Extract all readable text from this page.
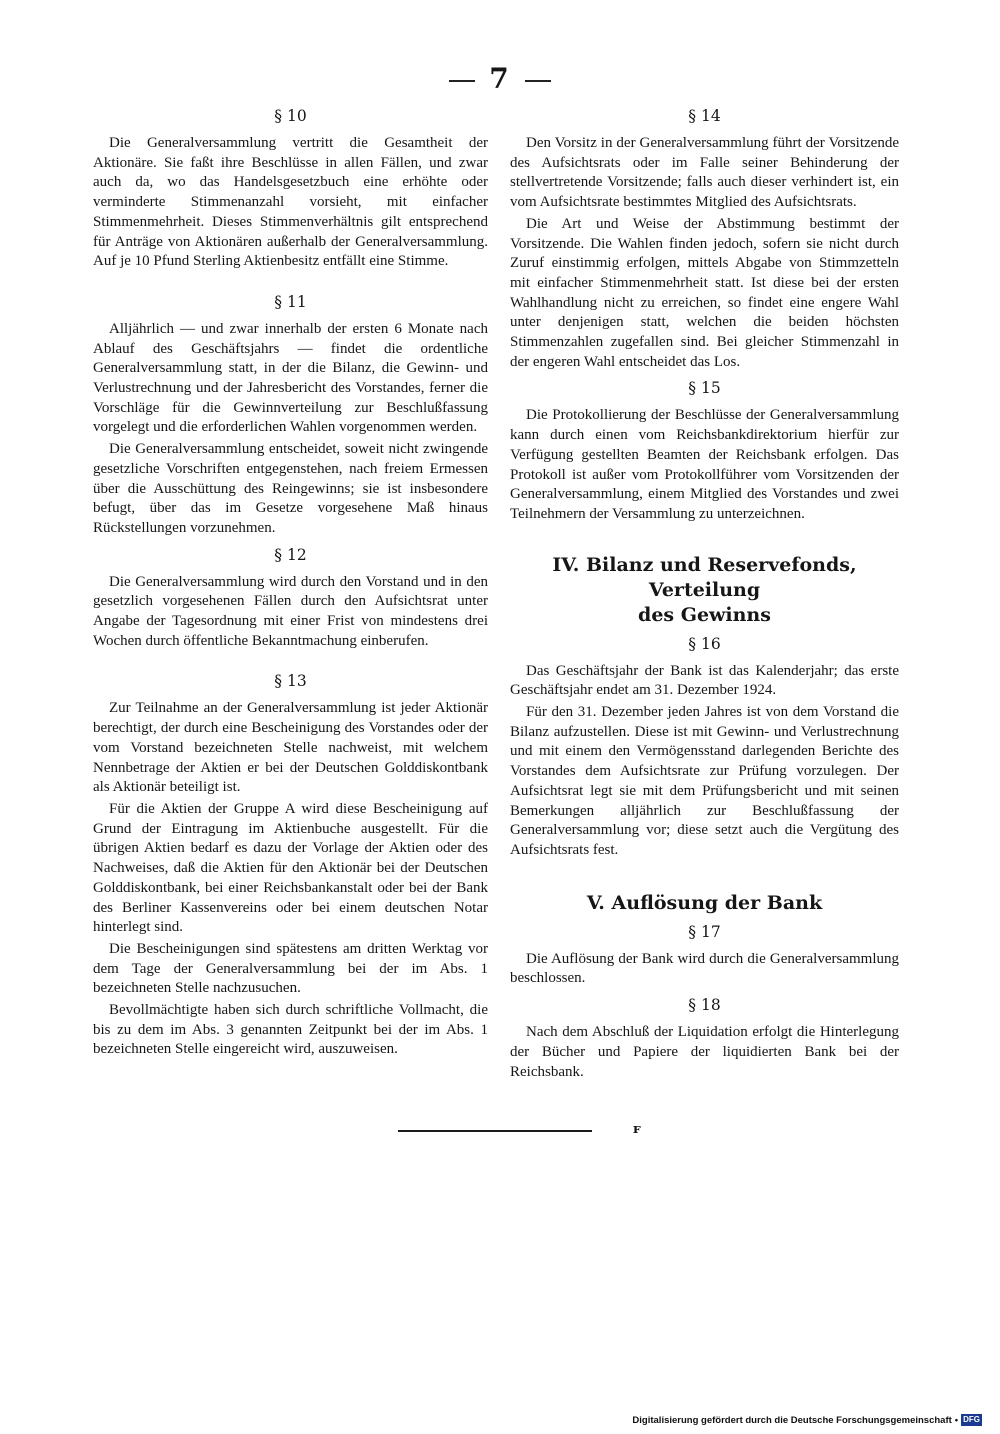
7
§ 10

Die Generalversammlung vertritt die Gesamtheit der Aktionäre. Sie faßt ihre Beschlüsse in allen Fällen, und zwar auch da, wo das Handelsgesetzbuch eine erhöhte oder verminderte Stimmenanzahl vorsieht, mit einfacher Stimmenmehrheit. Dieses Stimmenverhältnis gilt entsprechend für Anträge von Aktionären außerhalb der Generalversammlung. Auf je 10 Pfund Sterling Aktienbesitz entfällt eine Stimme.

§ 11

Alljährlich — und zwar innerhalb der ersten 6 Monate nach Ablauf des Geschäftsjahrs — findet die ordentliche Generalversammlung statt, in der die Bilanz, die Gewinn- und Verlustrechnung und der Jahresbericht des Vorstandes, ferner die Vorschläge für die Gewinnverteilung zur Beschlußfassung vorgelegt und die erforderlichen Wahlen vorgenommen werden.

Die Generalversammlung entscheidet, soweit nicht zwingende gesetzliche Vorschriften entgegenstehen, nach freiem Ermessen über die Ausschüttung des Reingewinns; sie ist insbesondere befugt, über das im Gesetze vorgesehene Maß hinaus Rückstellungen vorzunehmen.

§ 12

Die Generalversammlung wird durch den Vorstand und in den gesetzlich vorgesehenen Fällen durch den Aufsichtsrat unter Angabe der Tagesordnung mit einer Frist von mindestens drei Wochen durch öffentliche Bekanntmachung einberufen.

§ 13

Zur Teilnahme an der Generalversammlung ist jeder Aktionär berechtigt, der durch eine Bescheinigung des Vorstandes oder der vom Vorstand bezeichneten Stelle nachweist, mit welchem Nennbetrage der Aktien er bei der Deutschen Golddiskontbank als Aktionär beteiligt ist.

Für die Aktien der Gruppe A wird diese Bescheinigung auf Grund der Eintragung im Aktienbuche ausgestellt. Für die übrigen Aktien bedarf es dazu der Vorlage der Aktien oder des Nachweises, daß die Aktien für den Aktionär bei der Deutschen Golddiskontbank, bei einer Reichsbankanstalt oder bei der Bank des Berliner Kassenvereins oder bei einem deutschen Notar hinterlegt sind.

Die Bescheinigungen sind spätestens am dritten Werktag vor dem Tage der Generalversammlung bei der im Abs. 1 bezeichneten Stelle nachzusuchen.

Bevollmächtigte haben sich durch schriftliche Vollmacht, die bis zu dem im Abs. 3 genannten Zeitpunkt bei der im Abs. 1 bezeichneten Stelle eingereicht wird, auszuweisen.

§ 14

Den Vorsitz in der Generalversammlung führt der Vorsitzende des Aufsichtsrats oder im Falle seiner Behinderung der stellvertretende Vorsitzende; falls auch dieser verhindert ist, ein vom Aufsichtsrate bestimmtes Mitglied des Aufsichtsrats.

Die Art und Weise der Abstimmung bestimmt der Vorsitzende. Die Wahlen finden jedoch, sofern sie nicht durch Zuruf einstimmig erfolgen, mittels Abgabe von Stimmzetteln mit einfacher Stimmenmehrheit statt. Ist diese bei der ersten Wahlhandlung nicht zu erreichen, so findet eine engere Wahl unter denjenigen statt, welchen die beiden höchsten Stimmenzahlen zugefallen sind. Bei gleicher Stimmenzahl in der engeren Wahl entscheidet das Los.

§ 15

Die Protokollierung der Beschlüsse der Generalversammlung kann durch einen vom Reichsbankdirektorium hierfür zur Verfügung gestellten Beamten der Reichsbank erfolgen. Das Protokoll ist außer vom Protokollführer vom Vorsitzenden der Generalversammlung, einem Mitglied des Vorstandes und zwei Teilnehmern der Versammlung zu unterzeichnen.

IV. Bilanz und Reservefonds, Verteilung

des Gewinns

§ 16

Das Geschäftsjahr der Bank ist das Kalenderjahr; das erste Geschäftsjahr endet am 31. Dezember 1924.

Für den 31. Dezember jeden Jahres ist von dem Vorstand die Bilanz aufzustellen. Diese ist mit Gewinn- und Verlustrechnung und mit einem den Vermögensstand darlegenden Berichte des Vorstandes dem Aufsichtsrate zur Prüfung vorzulegen. Der Aufsichtsrat legt sie mit dem Prüfungsbericht und mit seinen Bemerkungen alljährlich zur Beschlußfassung der Generalversammlung vor; diese setzt auch die Vergütung des Aufsichtsrats fest.

V. Auflösung der Bank

§ 17

Die Auflösung der Bank wird durch die Generalversammlung beschlossen.

§ 18

Nach dem Abschluß der Liquidation erfolgt die Hinterlegung der Bücher und Papiere der liquidierten Bank bei der Reichsbank.

ꜰ
Digitalisierung gefördert durch die Deutsche Forschungsgemeinschaft • DFG
